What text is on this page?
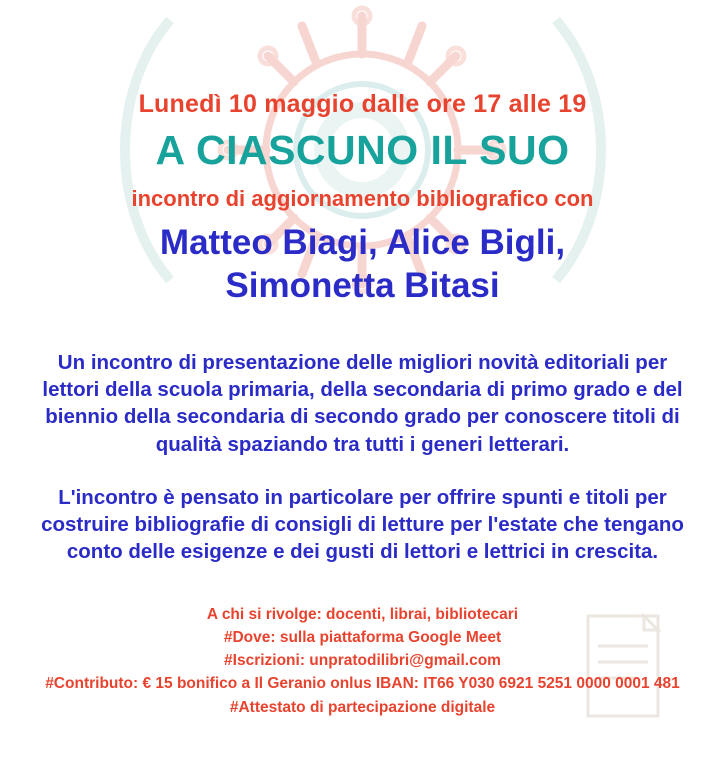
Lunedì 10 maggio dalle ore 17 alle 19

A CIASCUNO IL SUO

incontro di aggiornamento bibliografico con

Matteo Biagi, Alice Bigli,
Simonetta Bitasi

Un incontro di presentazione delle migliori novità editoriali per lettori della scuola primaria, della secondaria di primo grado e del biennio della secondaria di secondo grado per conoscere titoli di qualità spaziando tra tutti i generi letterari.

L'incontro è pensato in particolare per offrire spunti e titoli per costruire bibliografie di consigli di letture per l'estate che tengano conto delle esigenze e dei gusti di lettori e lettrici in crescita.

A chi si rivolge: docenti, librai, bibliotecari
#Dove: sulla piattaforma Google Meet
#Iscrizioni: unpratodilibri@gmail.com
#Contributo: € 15 bonifico a Il Geranio onlus IBAN: IT66 Y030 6921 5251 0000 0001 481
#Attestato di partecipazione digitale
